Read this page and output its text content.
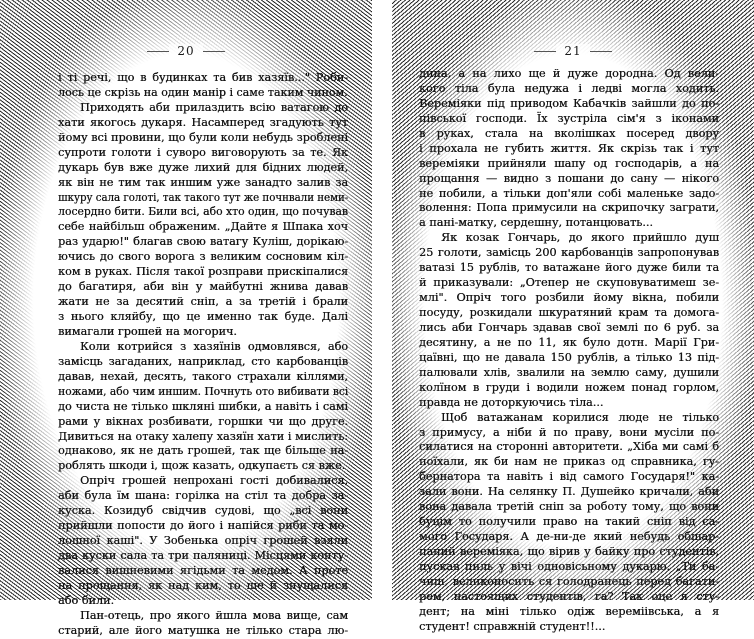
20
і ті речі, що в будинках та бив хазяїв..." Роби-
лось це скрізь на один манір і саме таким чином.
Приходять аби прилаздить всію ватагою до
хати якогось дукаря. Насамперед згадують тут
йому всі провини, що були коли небудь зроблені
супроти голоти і суворо виговорують за те. Як
дукарь був вже дуже лихий для бідних людей,
як він не тим так иншим уже занадто залив за
шкуру сала голоті, так такого тут же почнвали неми-
лосердно бити. Били всі, або хто один, що почував
себе найбільш ображеним. „Дайте я Шпака хоч
раз ударю!" благав свою ватагу Куліш, дорікаю-
ючись до свого ворога з великим сосновим кіл-
ком в руках. Після такої розправи прискіпалися
до багатиря, аби він у майбутні жнива давав
жати не за десятий сніп, а за третій і брали
з нього кляйбу, що це именно так буде. Далі
вимагали грошей на могорич.
Коли котрийся з хазяїнів одмовлявся, або
замісць загаданих, наприклад, сто карбованців
давав, нехай, десять, такого страхали кіллями,
ножами, або чим иншим. Почнуть ото вибивати всі
до чиста не тілько шкляні шибки, а навіть і самі
рами у вікнах розбивати, горшки чи що друге.
Дивиться на отаку халепу хазяїн хати і мислить:
однаково, як не дать грошей, так ще більше на-
роблять шкоди і, щож казать, одкупаєть ся вже.
Опріч грошей непрохані гості добивалися,
аби була їм шана: горілка на стіл та добра за-
куска. Козидуб свідчив судові, що „всі вони
прийшли попости до його і напійся риби та мо-
лошної каші". У Зобенька опріч грошей взяли
два куски сала та три паляниці. Місцями конту-
валися вишневими ягідьми та медом. А проте
на прощання, як над ким, то ще й знущалися
або били.
Пан-отець, про якого йшла мова вище, сам
старий, але його матушка не тілько стара лю-
21
дина, а на лихо ще й дуже дородна. Од вели-
кого тіла була недужа і ледві могла ходить.
Вереміяки під приводом Кабачків зайшли до по-
півської господи. Їх зустріла сім'я з іконами
в руках, стала на вколішках посеред двору
і прохала не губить життя. Як скрізь так і тут
вереміяки прийняли шапу од господарів, а на
прощання — видно з пошани до сану — нікого
не побили, а тільки доп'яли собі маленьке задо-
волення: Попа примусили на скрипочку заграти,
а пані-матку, сердешну, потанцювать...
Як козак Гончарь, до якого прийшло душ
25 голоти, замісць 200 карбованців запропонував
ватазі 15 рублів, то ватажане його дуже били та
й приказували: „Отепер не скуповуватимеш зе-
млі". Опріч того розбили йому вікна, побили
посуду, розкидали шкуратяний крам та домога-
лись аби Гончарь здавав свої землі по 6 руб. за
десятину, а не по 11, як було дотн. Марії Гри-
цаївні, що не давала 150 рублів, а тілько 13 під-
палювали хлів, звалили на землю саму, душили
колїном в груди і водили ножем понад горлом,
правда не доторкуючись тіла...
Щоб ватажанам корилися люде не тілько
з примусу, а ніби й по праву, вони мусіли по-
силатися на сторонні авторитети. „Хіба ми самі б
поїхали, як би нам не приказ од справника, гу-
бернатора та навіть і від самого Госудаpя!" ка-
зали вони. На селянку П. Душейко кричали, аби
вона давала третій сніп за роботу тому, що вони
буцім то получили право на такий сніп від са-
мого Государя. А де-ни-де який небудь обшар-
паний вереміяка, що вірив у байку про студентів,
пускав пиль у вічі одновісьному дукарю. „Ти ба-
чиш, великоносить ся голодранець перед багати-
рем, настоящих студентів, га? Так оце я сту-
дент; на міні тілько одіж вереміівська, а я
студент! справжній студент!!...
